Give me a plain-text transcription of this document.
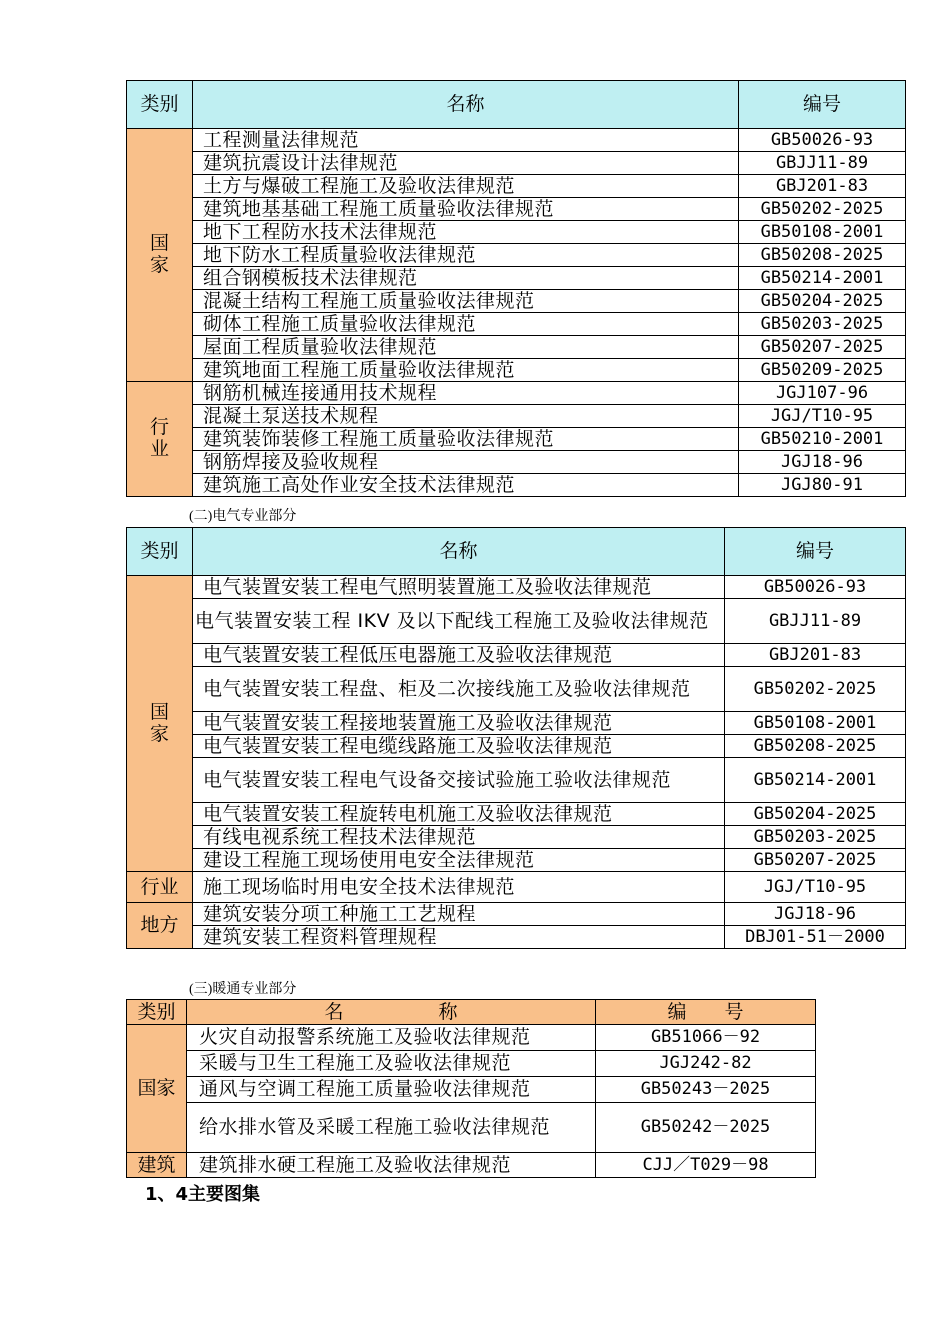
类别	名称	编号
国家	工程测量法律规范	GB50026-93
	建筑抗震设计法律规范	GBJJ11-89
	土方与爆破工程施工及验收法律规范	GBJ201-83
	建筑地基基础工程施工质量验收法律规范	GB50202-2025
	地下工程防水技术法律规范	GB50108-2001
	地下防水工程质量验收法律规范	GB50208-2025
	组合钢模板技术法律规范	GB50214-2001
	混凝土结构工程施工质量验收法律规范	GB50204-2025
	砌体工程施工质量验收法律规范	GB50203-2025
	屋面工程质量验收法律规范	GB50207-2025
	建筑地面工程施工质量验收法律规范	GB50209-2025
行业	钢筋机械连接通用技术规程	JGJ107-96
	混凝土泵送技术规程	JGJ/T10-95
	建筑装饰装修工程施工质量验收法律规范	GB50210-2001
	钢筋焊接及验收规程	JGJ18-96
	建筑施工高处作业安全技术法律规范	JGJ80-91
(二)电气专业部分
类别	名称	编号
国家	电气装置安装工程电气照明装置施工及验收法律规范	GB50026-93
	电气装置安装工程 IKV 及以下配线工程施工及验收法律规范	GBJJ11-89
	电气装置安装工程低压电器施工及验收法律规范	GBJ201-83
	电气装置安装工程盘、柜及二次接线施工及验收法律规范	GB50202-2025
	电气装置安装工程接地装置施工及验收法律规范	GB50108-2001
	电气装置安装工程电缆线路施工及验收法律规范	GB50208-2025
	电气装置安装工程电气设备交接试验施工验收法律规范	GB50214-2001
	电气装置安装工程旋转电机施工及验收法律规范	GB50204-2025
	有线电视系统工程技术法律规范	GB50203-2025
	建设工程施工现场使用电安全法律规范	GB50207-2025
行业	施工现场临时用电安全技术法律规范	JGJ/T10-95
地方	建筑安装分项工种施工工艺规程	JGJ18-96
	建筑安装工程资料管理规程	DBJ01-51－2000
(三)暖通专业部分
类别	名　　　　　称	编　　号
国家	火灾自动报警系统施工及验收法律规范	GB51066－92
	采暖与卫生工程施工及验收法律规范	JGJ242-82
	通风与空调工程施工质量验收法律规范	GB50243－2025
	给水排水管及采暖工程施工验收法律规范	GB50242－2025
建筑	建筑排水硬工程施工及验收法律规范	CJJ／T029－98
1、4主要图集
